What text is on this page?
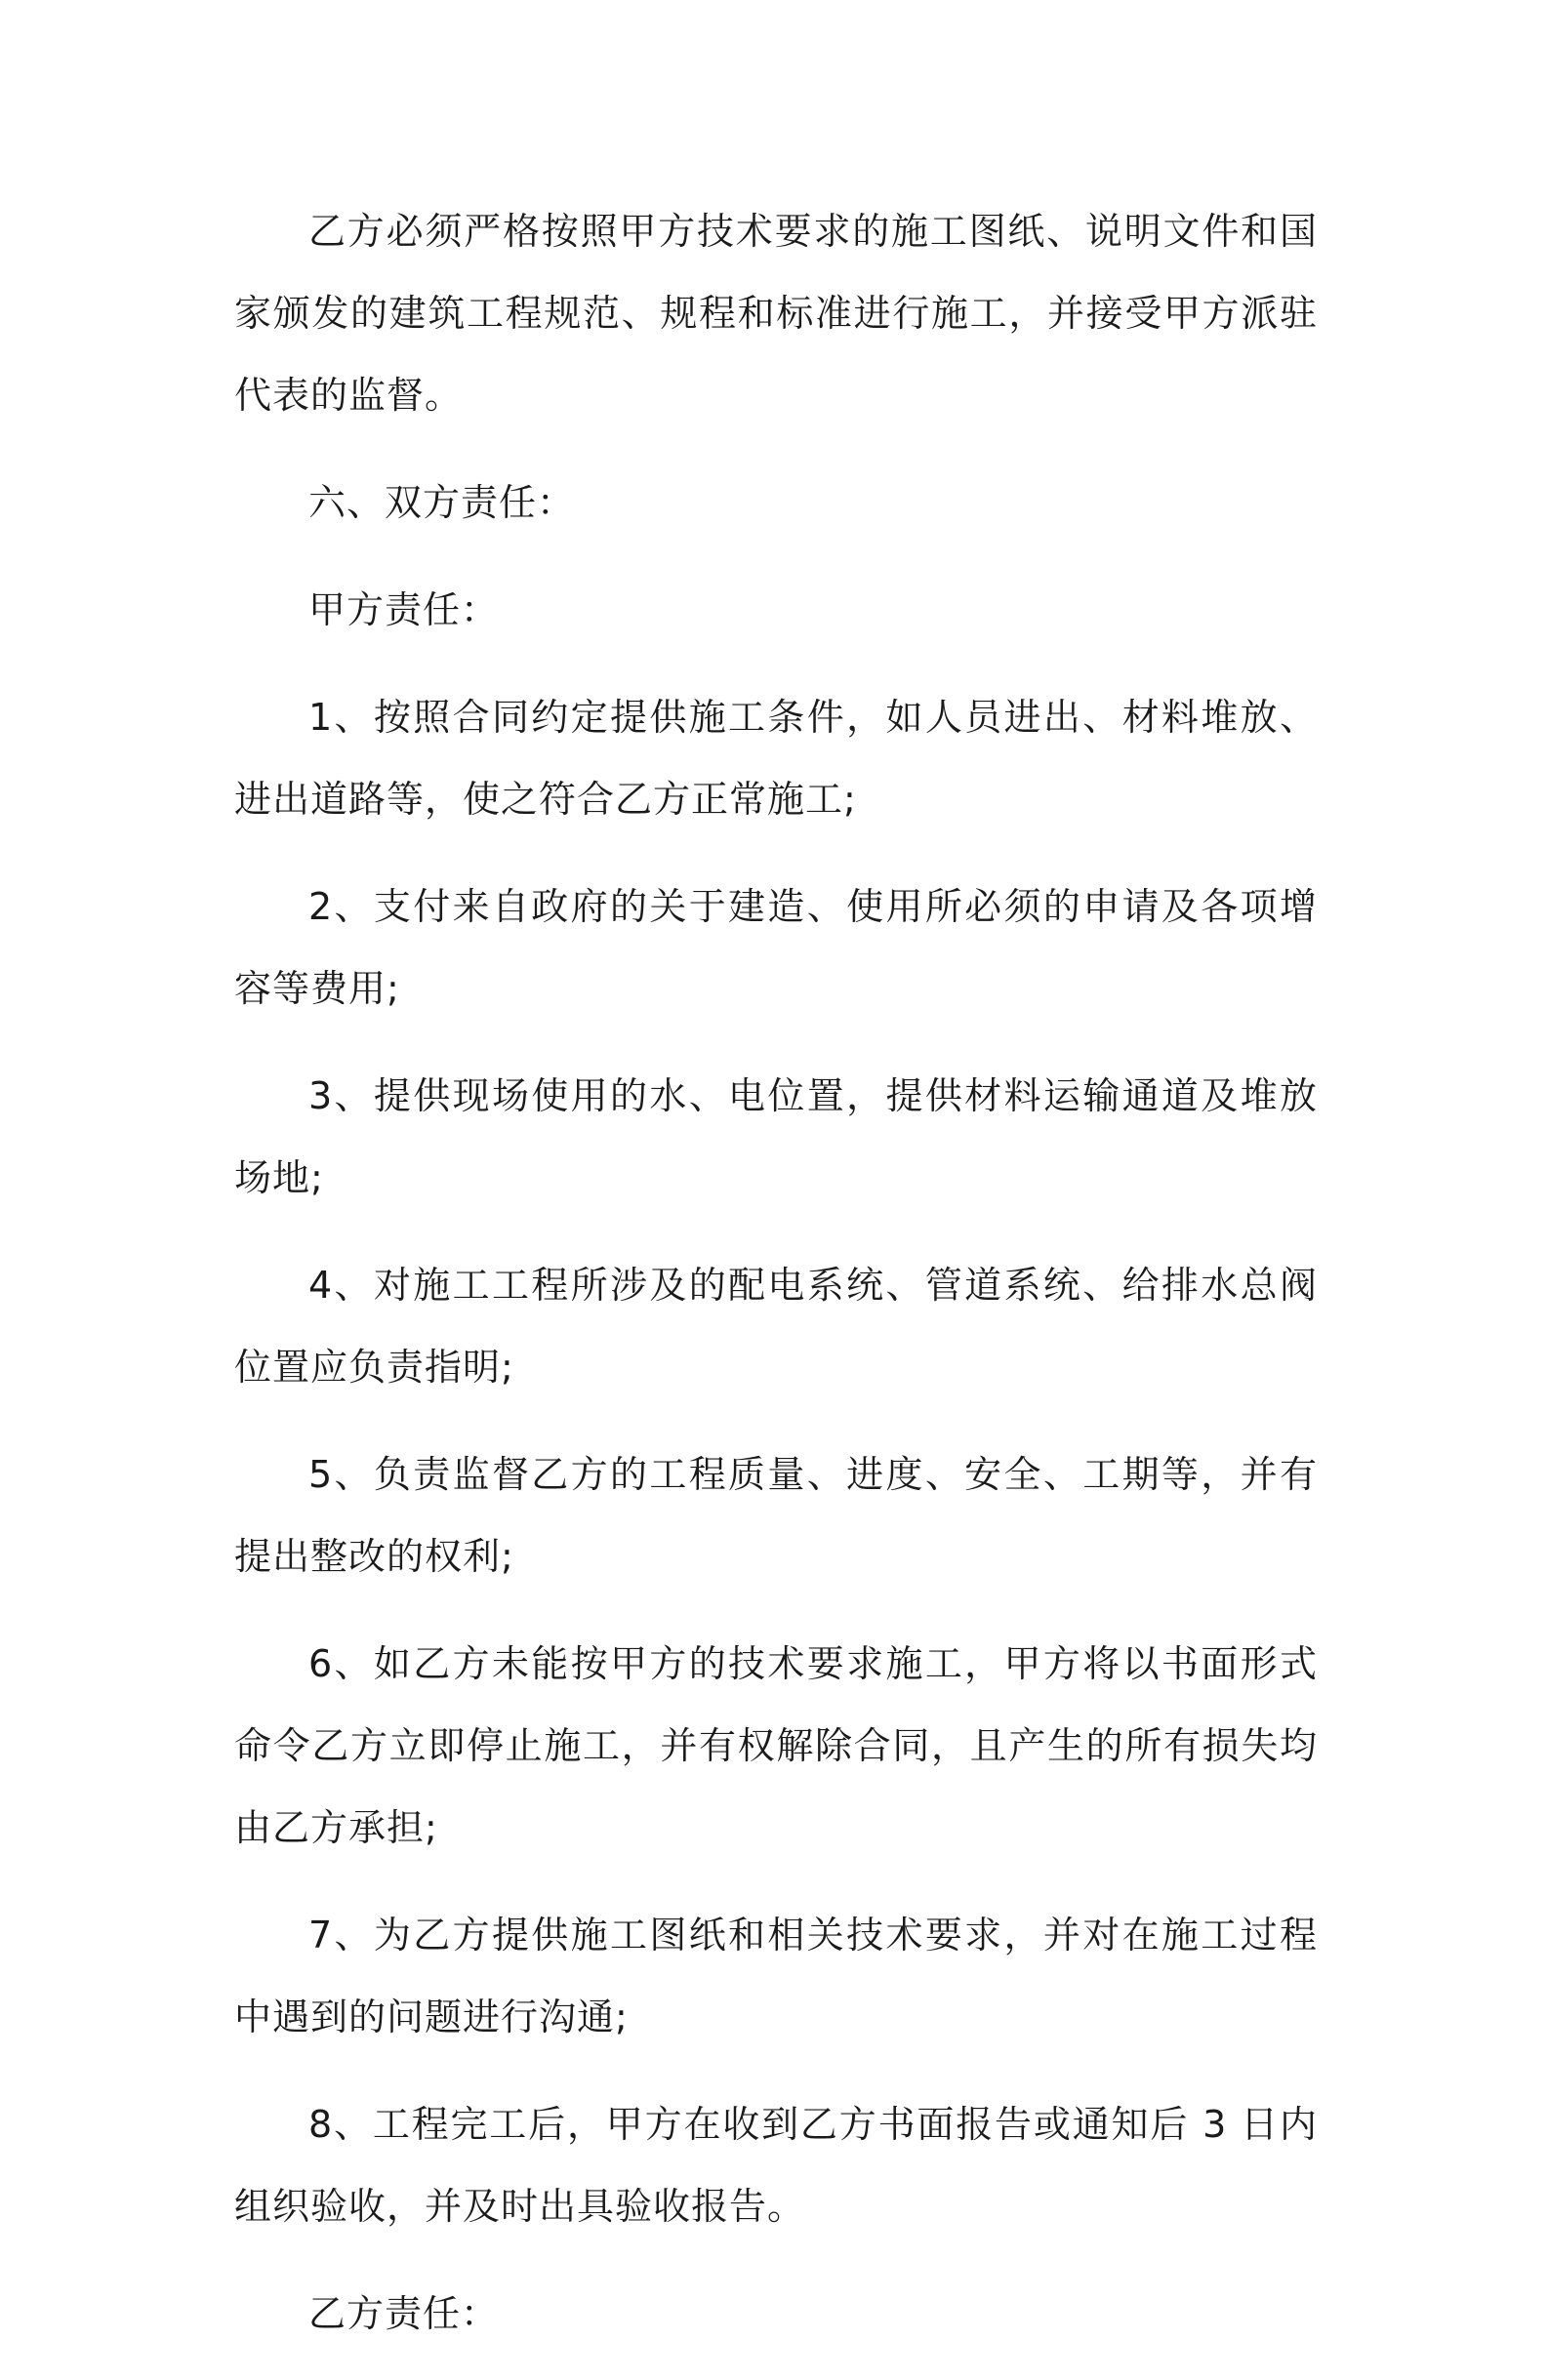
乙方必须严格按照甲方技术要求的施工图纸、说明文件和国家颁发的建筑工程规范、规程和标准进行施工，并接受甲方派驻代表的监督。

六、双方责任：

甲方责任：

1、按照合同约定提供施工条件，如人员进出、材料堆放、进出道路等，使之符合乙方正常施工;

2、支付来自政府的关于建造、使用所必须的申请及各项增容等费用;

3、提供现场使用的水、电位置，提供材料运输通道及堆放场地;

4、对施工工程所涉及的配电系统、管道系统、给排水总阀位置应负责指明;

5、负责监督乙方的工程质量、进度、安全、工期等，并有提出整改的权利;

6、如乙方未能按甲方的技术要求施工，甲方将以书面形式命令乙方立即停止施工，并有权解除合同，且产生的所有损失均由乙方承担;

7、为乙方提供施工图纸和相关技术要求，并对在施工过程中遇到的问题进行沟通;

8、工程完工后，甲方在收到乙方书面报告或通知后 3 日内组织验收，并及时出具验收报告。

乙方责任：
